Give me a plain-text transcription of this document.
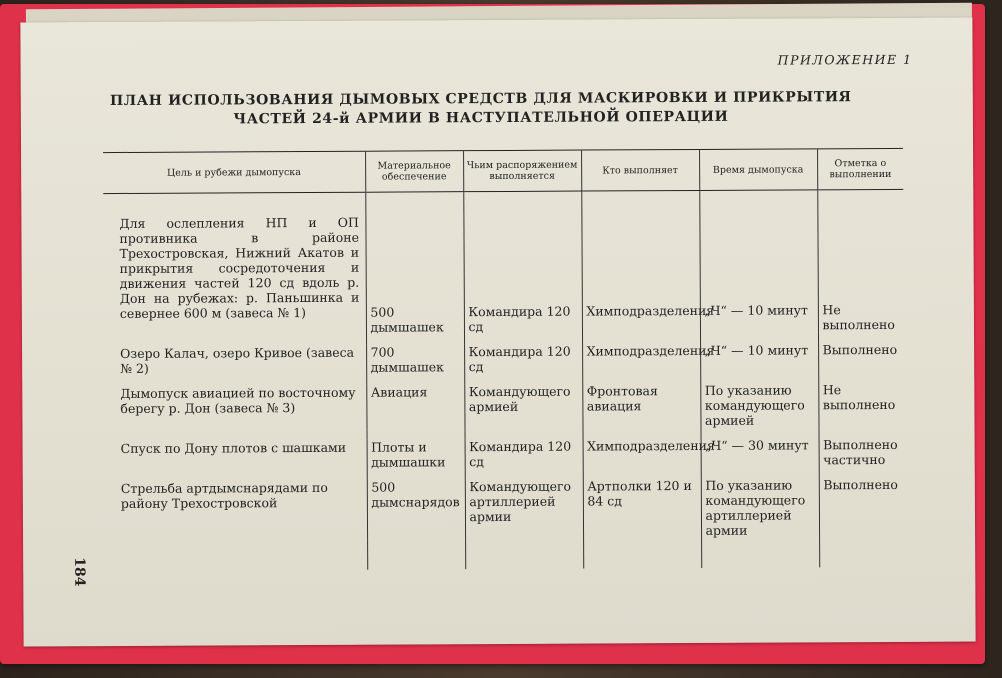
ПРИЛОЖЕНИЕ 1
ПЛАН ИСПОЛЬЗОВАНИЯ ДЫМОВЫХ СРЕДСТВ ДЛЯ МАСКИРОВКИ И ПРИКРЫТИЯ
ЧАСТЕЙ 24-й АРМИИ В НАСТУПАТЕЛЬНОЙ ОПЕРАЦИИ
Цель и рубежи дымопуска	Материальное обеспечение	Чьим распоряжением выполняется	Кто выполняет	Время дымопуска	Отметка о выполнении

Для ослепления НП и ОП противника в районе Трехостровская, Нижний Акатов и прикрытия сосредоточения и движения частей 120 сд вдоль р. Дон на рубежах: р. Паньшинка и севернее 600 м (завеса № 1)	500 дымшашек	Командира 120 сд	Химподразделения	„Ч“ — 10 минут	Не выполнено

Озеро Калач, озеро Кривое (завеса № 2)	700 дымшашек	Командира 120 сд	Химподразделения	„Ч“ — 10 минут	Выполнено

Дымопуск авиацией по восточному берегу р. Дон (завеса № 3)	Авиация	Командующего армией	Фронтовая авиация	По указанию командующего армией	Не выполнено

Спуск по Дону плотов с шашками	Плоты и дымшашки	Командира 120 сд	Химподразделения	„Ч“ — 30 минут	Выполнено частично

Стрельба артдымснарядами по району Трехостровской	500 дымснарядов	Командующего артиллерией армии	Артполки 120 и 84 сд	По указанию командующего артиллерией армии	Выполнено

184
